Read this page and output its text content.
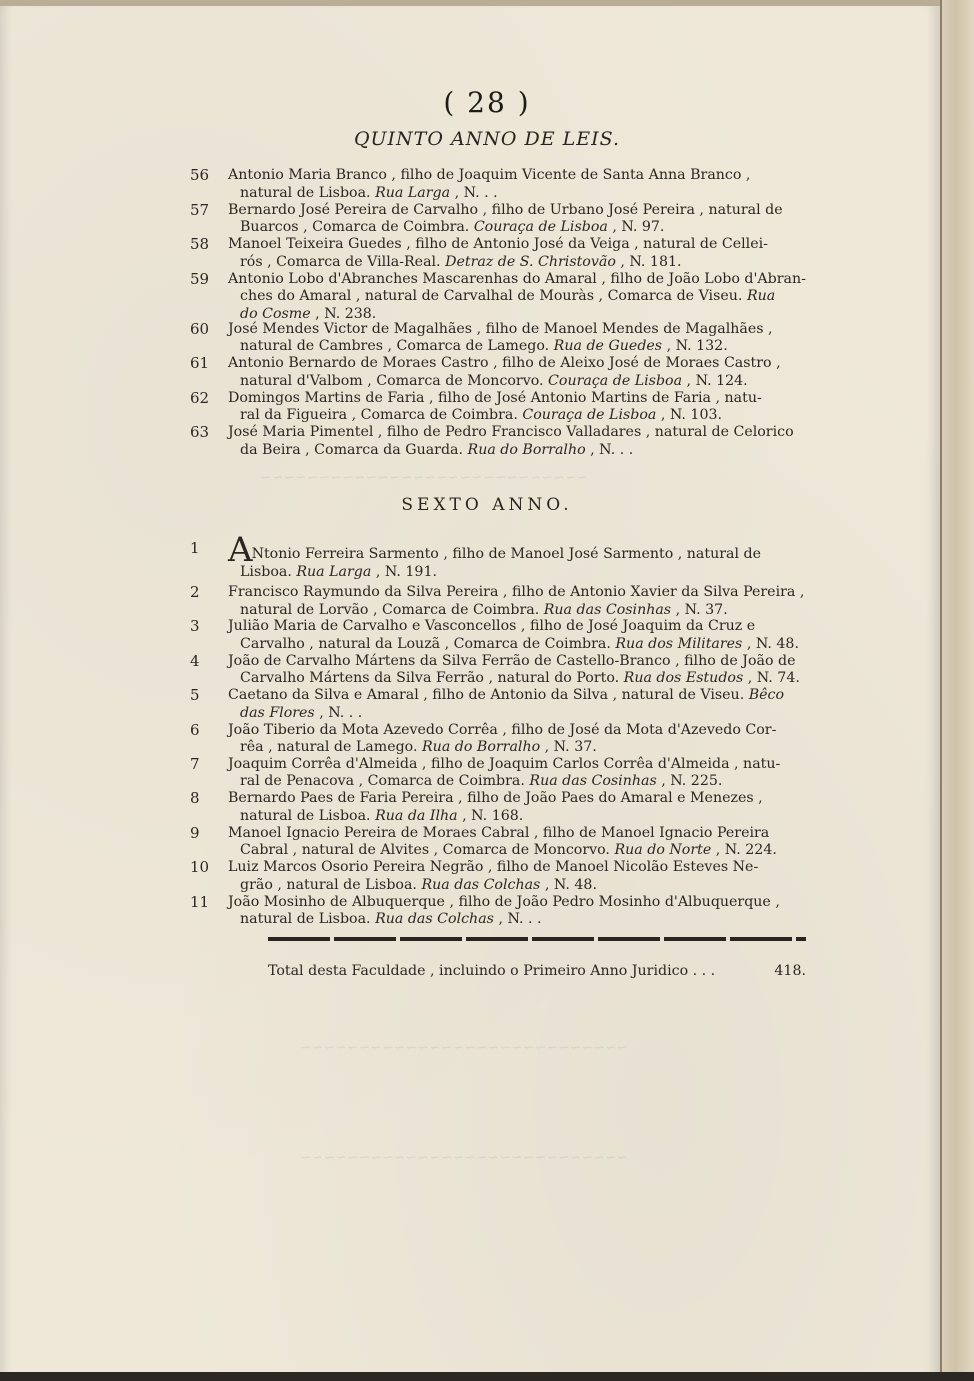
~~~~~~~~~~~~~~~~~~~~~~~~~~~~
~~~~~~~~~~~~~~~~~~~~~~~~~~~~
~~~~~~~~~~~~~~~~~~~~~~~~~~~~
( 28 )
QUINTO ANNO DE LEIS.
56	Antonio Maria Branco , filho de Joaquim Vicente de Santa Anna Branco ,
natural de Lisboa. Rua Larga , N. . .
57	Bernardo José Pereira de Carvalho , filho de Urbano José Pereira , natural de
Buarcos , Comarca de Coimbra. Couraça de Lisboa , N. 97.
58	Manoel Teixeira Guedes , filho de Antonio José da Veiga , natural de Cellei-
rós , Comarca de Villa-Real. Detraz de S. Christovão , N. 181.
59	Antonio Lobo d'Abranches Mascarenhas do Amaral , filho de João Lobo d'Abran-
ches do Amaral , natural de Carvalhal de Mouràs , Comarca de Viseu. Rua
do Cosme , N. 238.
60	José Mendes Victor de Magalhães , filho de Manoel Mendes de Magalhães ,
natural de Cambres , Comarca de Lamego. Rua de Guedes , N. 132.
61	Antonio Bernardo de Moraes Castro , filho de Aleixo José de Moraes Castro ,
natural d'Valbom , Comarca de Moncorvo. Couraça de Lisboa , N. 124.
62	Domingos Martins de Faria , filho de José Antonio Martins de Faria , natu-
ral da Figueira , Comarca de Coimbra. Couraça de Lisboa , N. 103.
63	José Maria Pimentel , filho de Pedro Francisco Valladares , natural de Celorico
da Beira , Comarca da Guarda. Rua do Borralho , N. . .
SEXTO ANNO.
1 ANtonio Ferreira Sarmento , filho de Manoel José Sarmento , natural de
Lisboa. Rua Larga , N. 191.
2	Francisco Raymundo da Silva Pereira , filho de Antonio Xavier da Silva Pereira ,
natural de Lorvão , Comarca de Coimbra. Rua das Cosinhas , N. 37.
3	Julião Maria de Carvalho e Vasconcellos , filho de José Joaquim da Cruz e
Carvalho , natural da Louzã , Comarca de Coimbra. Rua dos Militares , N. 48.
4	João de Carvalho Mártens da Silva Ferrão de Castello-Branco , filho de João de
Carvalho Mártens da Silva Ferrão , natural do Porto. Rua dos Estudos , N. 74.
5	Caetano da Silva e Amaral , filho de Antonio da Silva , natural de Viseu. Bêco
das Flores , N. . .
6	João Tiberio da Mota Azevedo Corrêa , filho de José da Mota d'Azevedo Cor-
rêa , natural de Lamego. Rua do Borralho , N. 37.
7	Joaquim Corrêa d'Almeida , filho de Joaquim Carlos Corrêa d'Almeida , natu-
ral de Penacova , Comarca de Coimbra. Rua das Cosinhas , N. 225.
8	Bernardo Paes de Faria Pereira , filho de João Paes do Amaral e Menezes ,
natural de Lisboa. Rua da Ilha , N. 168.
9	Manoel Ignacio Pereira de Moraes Cabral , filho de Manoel Ignacio Pereira
Cabral , natural de Alvites , Comarca de Moncorvo. Rua do Norte , N. 224.
10	Luiz Marcos Osorio Pereira Negrão , filho de Manoel Nicolão Esteves Ne-
grão , natural de Lisboa. Rua das Colchas , N. 48.
11	João Mosinho de Albuquerque , filho de João Pedro Mosinho d'Albuquerque ,
natural de Lisboa. Rua das Colchas , N. . .
Total desta Faculdade , incluindo o Primeiro Anno Juridico . . .	418.
